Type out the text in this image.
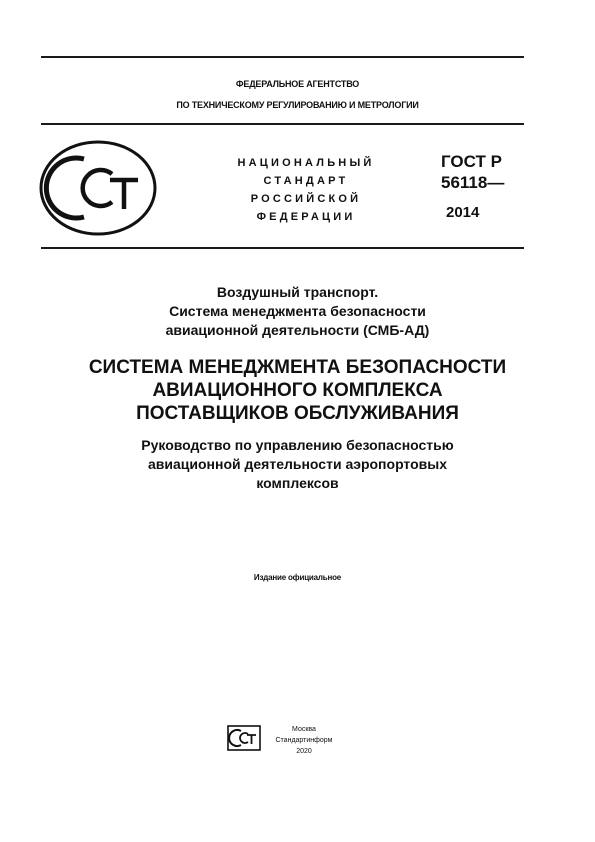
ФЕДЕРАЛЬНОЕ АГЕНТСТВО
ПО ТЕХНИЧЕСКОМУ РЕГУЛИРОВАНИЮ И МЕТРОЛОГИИ
НАЦИОНАЛЬНЫЙ
СТАНДАРТ
РОССИЙСКОЙ
ФЕДЕРАЦИИ
ГОСТ Р
56118—
2014
Воздушный транспорт.
Система менеджмента безопасности
авиационной деятельности (СМБ-АД)
СИСТЕМА МЕНЕДЖМЕНТА БЕЗОПАСНОСТИ
АВИАЦИОННОГО КОМПЛЕКСА
ПОСТАВЩИКОВ ОБСЛУЖИВАНИЯ
Руководство по управлению безопасностью
авиационной деятельности аэропортовых
комплексов
Издание официальное
Москва
Стандартинформ
2020
